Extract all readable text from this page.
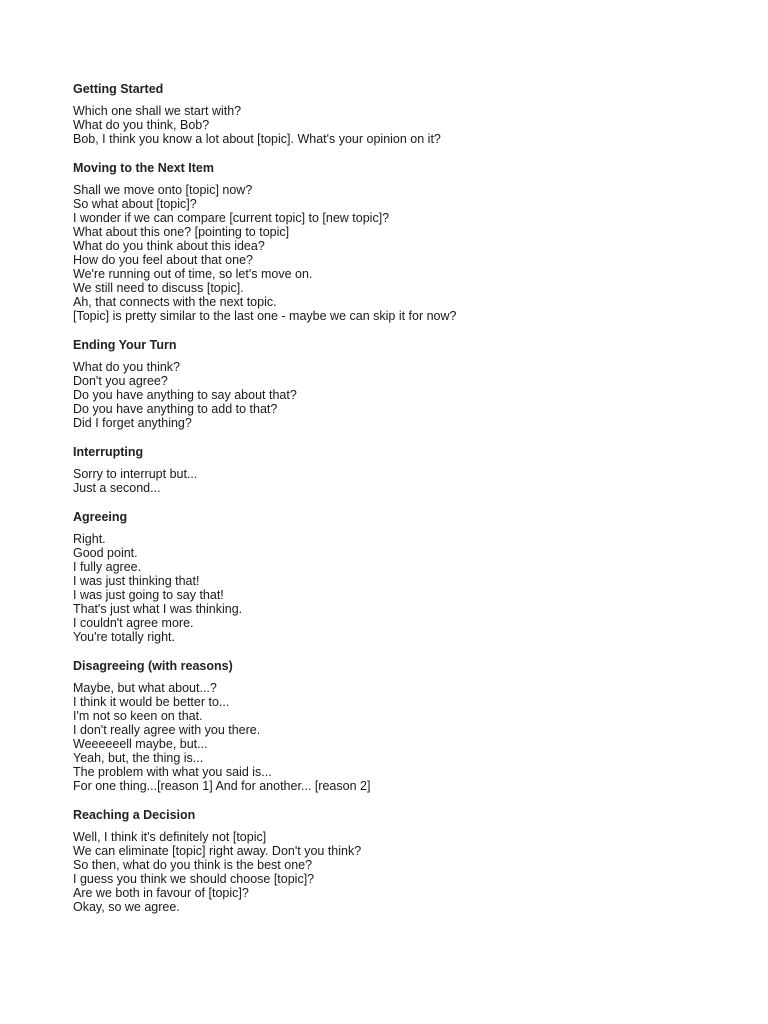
Getting Started
Which one shall we start with?
What do you think, Bob?
Bob, I think you know a lot about [topic]. What's your opinion on it?
Moving to the Next Item
Shall we move onto [topic] now?
So what about [topic]?
I wonder if we can compare [current topic] to [new topic]?
What about this one? [pointing to topic]
What do you think about this idea?
How do you feel about that one?
We're running out of time, so let's move on.
We still need to discuss [topic].
Ah, that connects with the next topic.
[Topic] is pretty similar to the last one - maybe we can skip it for now?
Ending Your Turn
What do you think?
Don't you agree?
Do you have anything to say about that?
Do you have anything to add to that?
Did I forget anything?
Interrupting
Sorry to interrupt but...
Just a second...
Agreeing
Right.
Good point.
I fully agree.
I was just thinking that!
I was just going to say that!
That's just what I was thinking.
I couldn't agree more.
You're totally right.
Disagreeing (with reasons)
Maybe, but what about...?
I think it would be better to...
I'm not so keen on that.
I don't really agree with you there.
Weeeeeell maybe, but...
Yeah, but, the thing is...
The problem with what you said is...
For one thing...[reason 1] And for another... [reason 2]
Reaching a Decision
Well, I think it's definitely not [topic]
We can eliminate [topic] right away. Don't you think?
So then, what do you think is the best one?
I guess you think we should choose [topic]?
Are we both in favour of [topic]?
Okay, so we agree.
